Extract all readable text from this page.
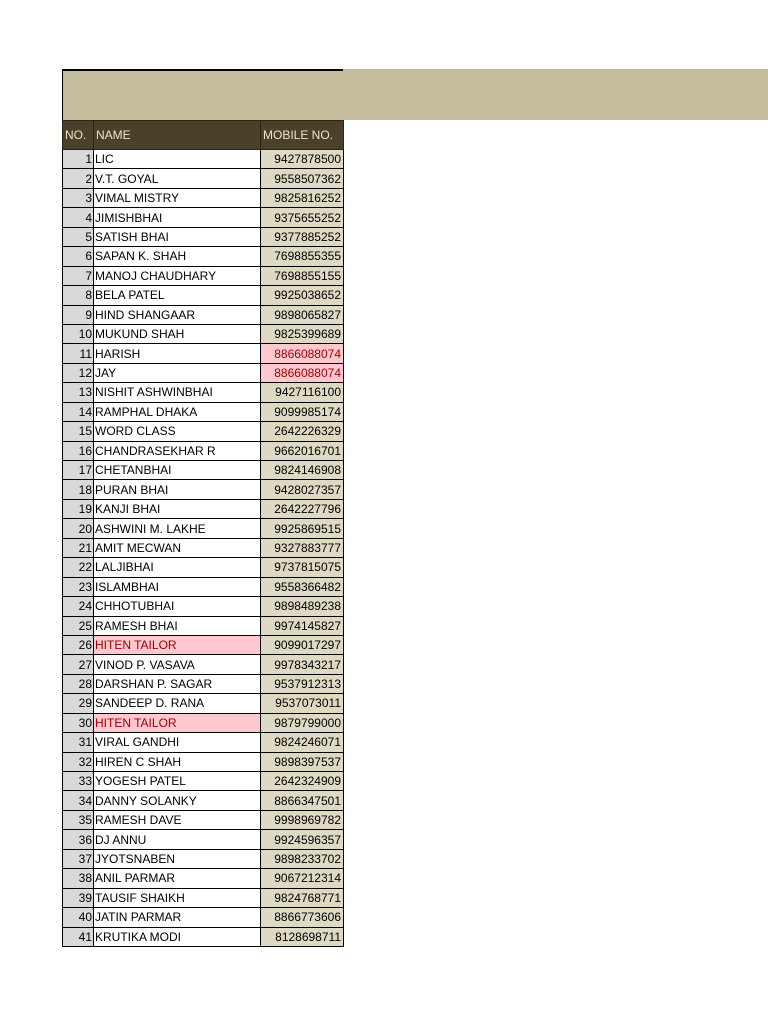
NO.	NAME	MOBILE NO.
1	LIC	9427878500
2	V.T. GOYAL	9558507362
3	VIMAL MISTRY	9825816252
4	JIMISHBHAI	9375655252
5	SATISH BHAI	9377885252
6	SAPAN K. SHAH	7698855355
7	MANOJ CHAUDHARY	7698855155
8	BELA PATEL	9925038652
9	HIND SHANGAAR	9898065827
10	MUKUND SHAH	9825399689
11	HARISH	8866088074
12	JAY	8866088074
13	NISHIT ASHWINBHAI	9427116100
14	RAMPHAL DHAKA	9099985174
15	WORD CLASS	2642226329
16	CHANDRASEKHAR R	9662016701
17	CHETANBHAI	9824146908
18	PURAN BHAI	9428027357
19	KANJI BHAI	2642227796
20	ASHWINI M. LAKHE	9925869515
21	AMIT MECWAN	9327883777
22	LALJIBHAI	9737815075
23	ISLAMBHAI	9558366482
24	CHHOTUBHAI	9898489238
25	RAMESH BHAI	9974145827
26	HITEN TAILOR	9099017297
27	VINOD P. VASAVA	9978343217
28	DARSHAN P. SAGAR	9537912313
29	SANDEEP D. RANA	9537073011
30	HITEN TAILOR	9879799000
31	VIRAL GANDHI	9824246071
32	HIREN C SHAH	9898397537
33	YOGESH PATEL	2642324909
34	DANNY SOLANKY	8866347501
35	RAMESH DAVE	9998969782
36	DJ ANNU	9924596357
37	JYOTSNABEN	9898233702
38	ANIL PARMAR	9067212314
39	TAUSIF SHAIKH	9824768771
40	JATIN PARMAR	8866773606
41	KRUTIKA MODI	8128698711
